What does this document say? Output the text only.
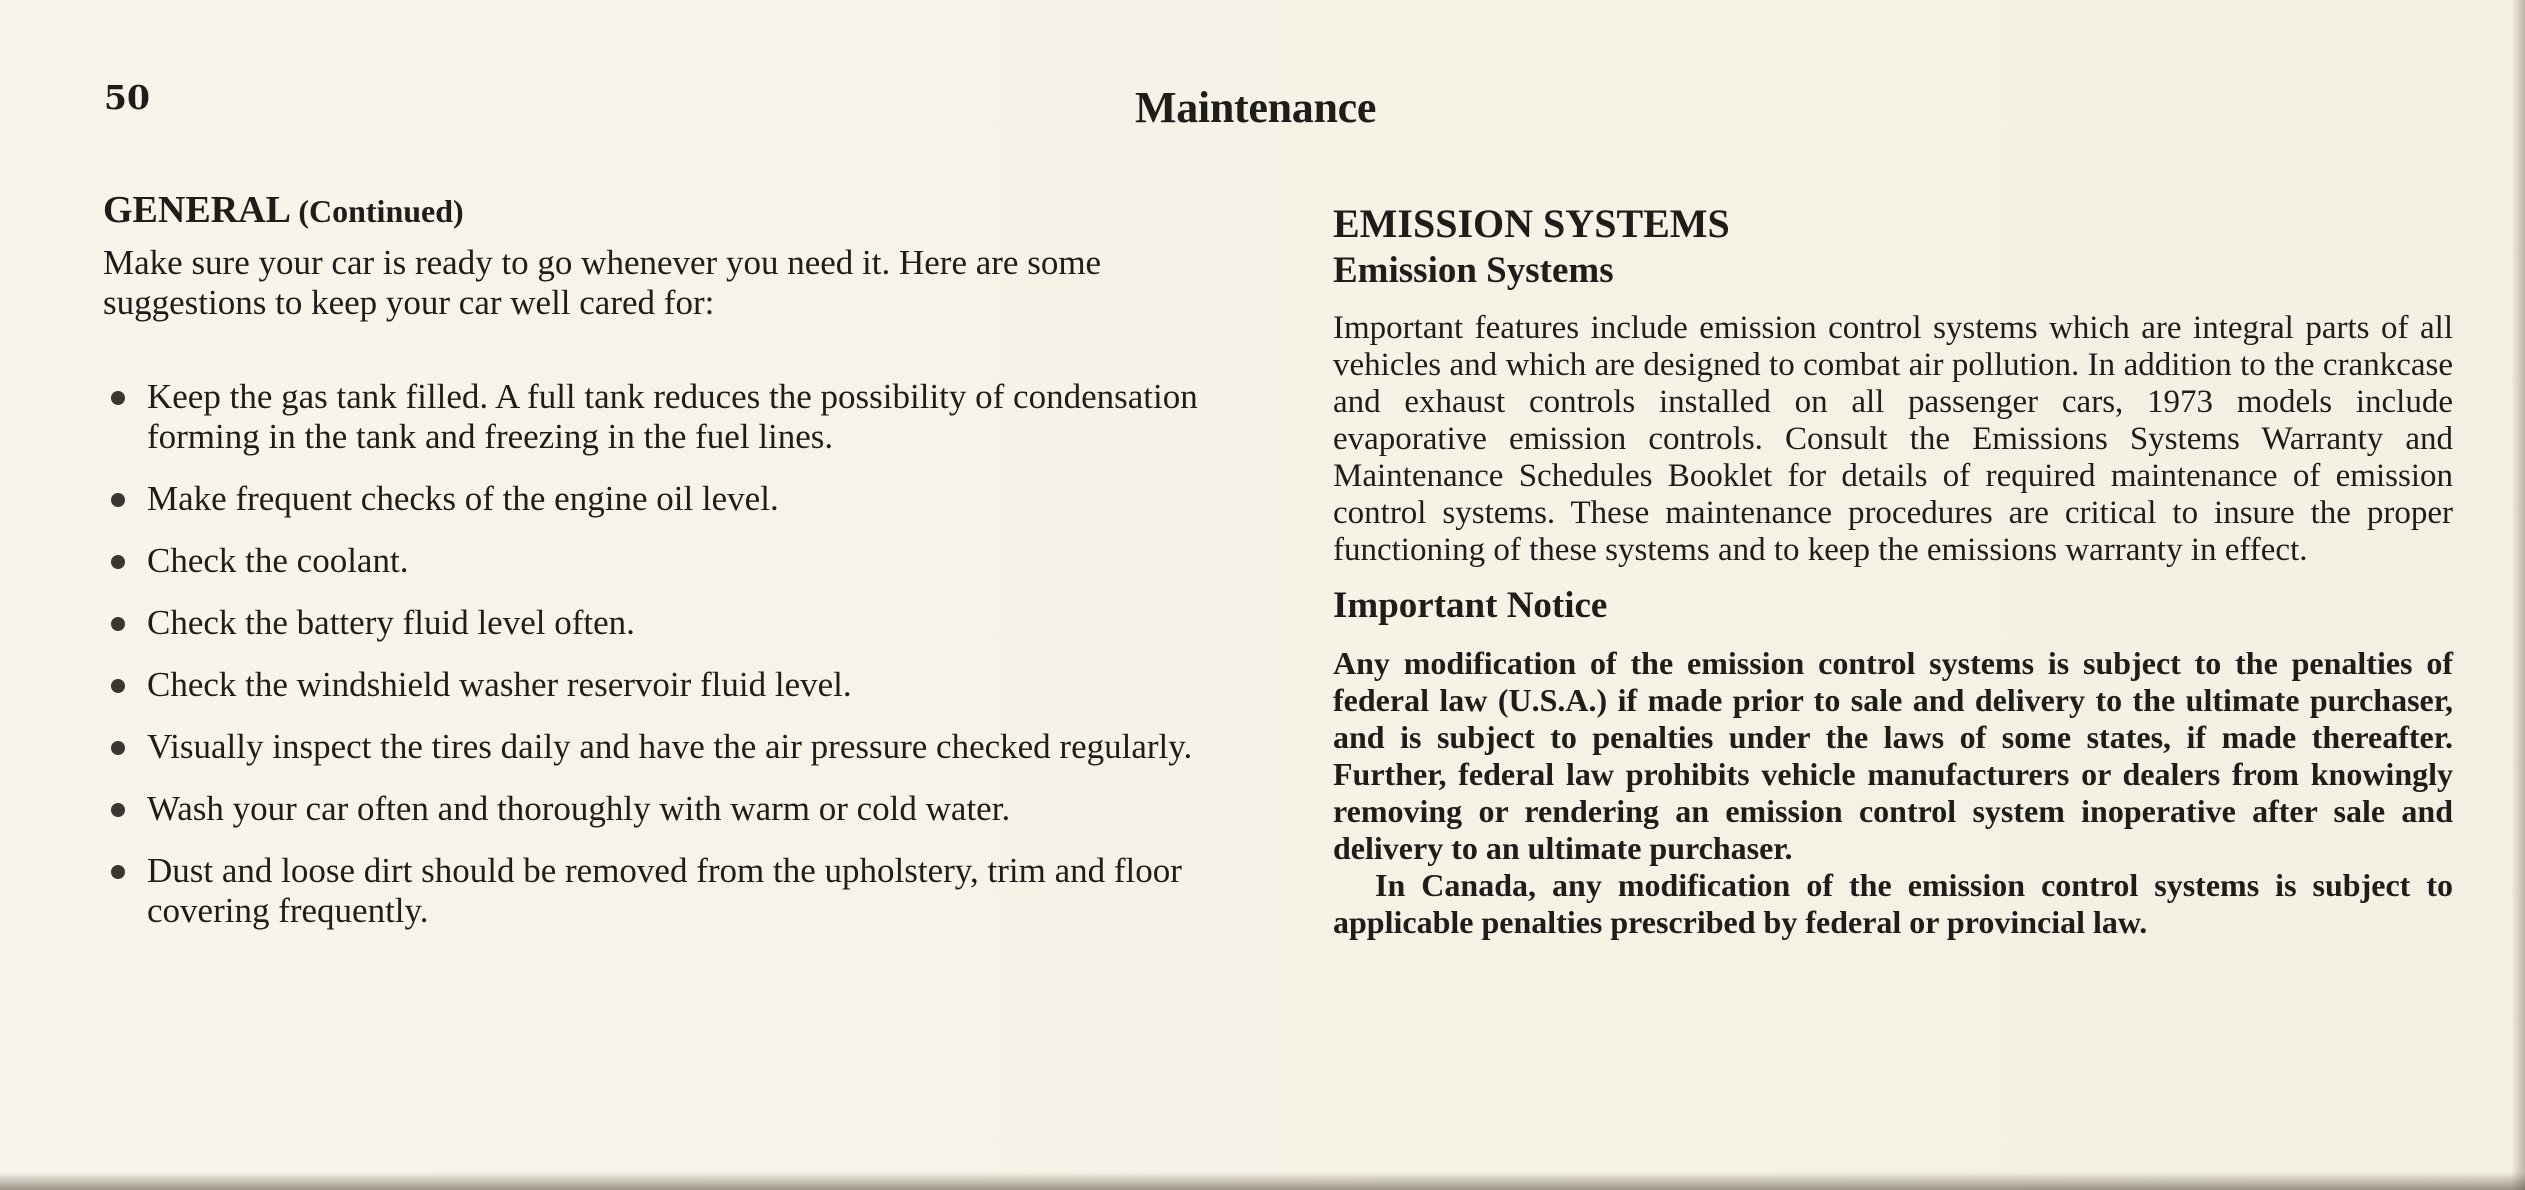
50	Maintenance
GENERAL (Continued)

Make sure your car is ready to go whenever you need it. Here are some suggestions to keep your car well cared for:

Keep the gas tank filled. A full tank reduces the possibility of condensation forming in the tank and freezing in the fuel lines.
Make frequent checks of the engine oil level.
Check the coolant.
Check the battery fluid level often.
Check the windshield washer reservoir fluid level.
Visually inspect the tires daily and have the air pressure checked regularly.
Wash your car often and thoroughly with warm or cold water.
Dust and loose dirt should be removed from the upholstery, trim and floor covering frequently.
EMISSION SYSTEMS
Emission Systems

Important features include emission control systems which are integral parts of all vehicles and which are designed to combat air pollution. In addition to the crankcase and exhaust controls installed on all passenger cars, 1973 models include evaporative emission controls. Consult the Emissions Systems Warranty and Maintenance Schedules Booklet for details of required maintenance of emission control systems. These maintenance procedures are critical to insure the proper functioning of these systems and to keep the emissions warranty in effect.

Important Notice

Any modification of the emission control systems is subject to the penalties of federal law (U.S.A.) if made prior to sale and delivery to the ultimate purchaser, and is subject to penalties under the laws of some states, if made thereafter. Further, federal law prohibits vehicle manufacturers or dealers from knowingly removing or rendering an emission control system inoperative after sale and delivery to an ultimate purchaser.

In Canada, any modification of the emission control systems is subject to applicable penalties prescribed by federal or provincial law.
